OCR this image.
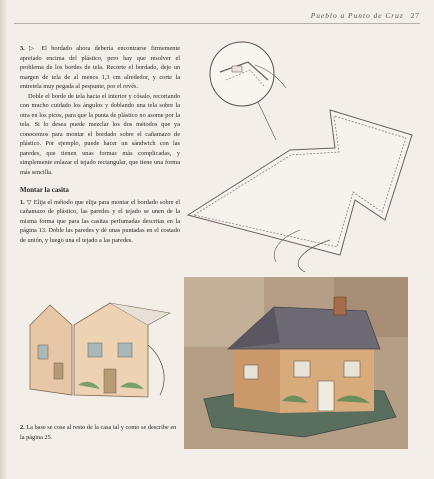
Pueblo a Punto de Cruz 27

3. ▷ El bordado ahora debería encontrarse firmemente apretado encima del plástico, pero hay que resolver el problema de los bordes de tela. Recorte el bordado, deje un margen de tela de al menos 1,3 cm alrededor, y corte la entretela muy pegada al pespunte, por el revés.

Doble el borde de tela hacia el interior y cósalo, recortando con mucho cuidado los ángulos y doblando una tela sobre la otra en los picos, para que la punta de plástico no asome por la tela. Si lo desea puede mezclar los dos métodos que ya conocemos para montar el bordado sobre el cañamazo de plástico. Por ejemplo, puede hacer un sándwich con las paredes, que tienen unas formas más complicadas, y simplemente enlazar el tejado rectangular, que tiene una forma más sencilla.

Montar la casita

1. ▽ Elija el método que elija para montar el bordado sobre el cañamazo de plástico, las paredes y el tejado se unen de la misma forma que para las casitas perfumadas descritas en la página 13. Doble las paredes y dé unas puntadas en el costado de unión, y luego una el tejado a las paredes.

2. La base se cose al resto de la casa tal y como se describe en la página 25.
